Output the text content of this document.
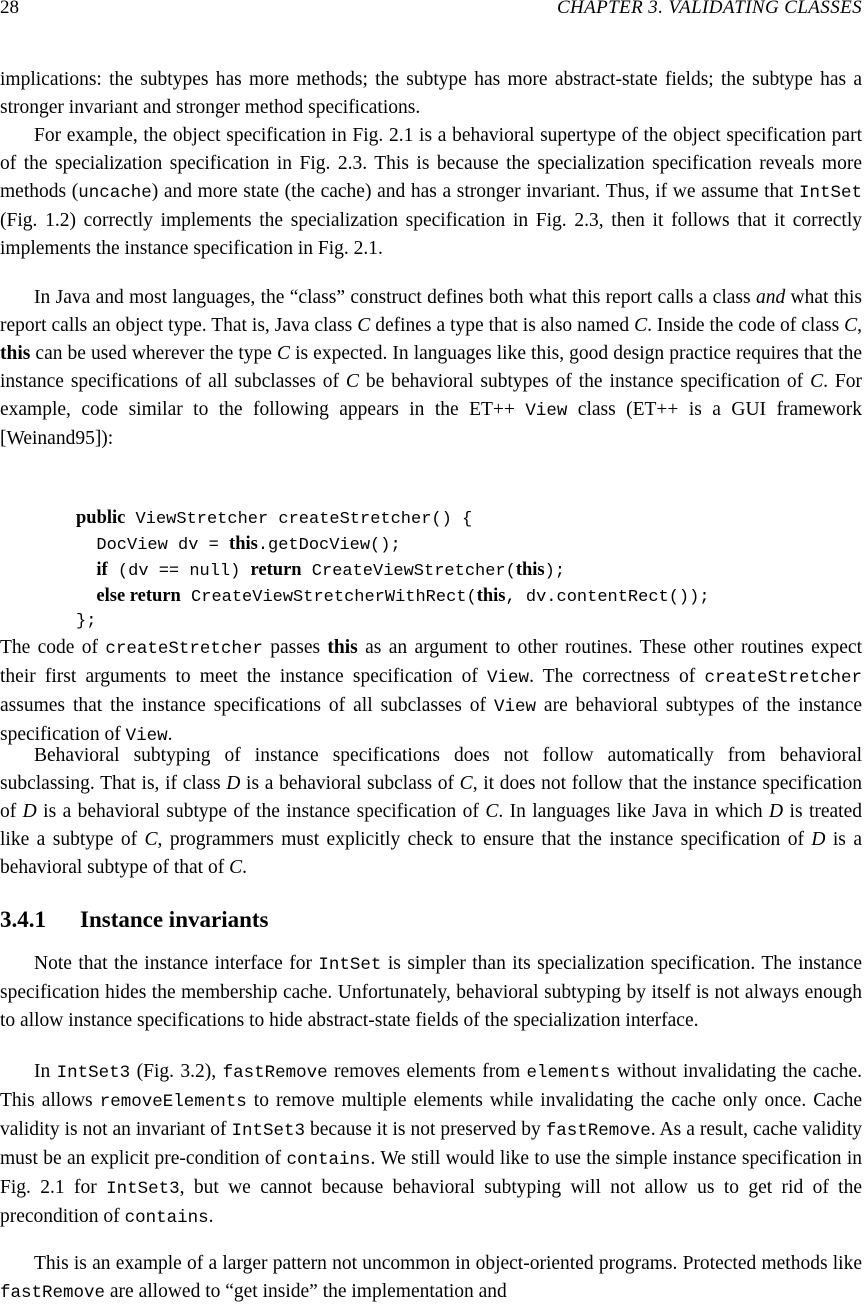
28	CHAPTER 3. VALIDATING CLASSES

implications: the subtypes has more methods; the subtype has more abstract-state fields; the subtype has a stronger invariant and stronger method specifications.

For example, the object specification in Fig. 2.1 is a behavioral supertype of the object specification part of the specialization specification in Fig. 2.3. This is because the specialization specification reveals more methods (uncache) and more state (the cache) and has a stronger invariant. Thus, if we assume that IntSet (Fig. 1.2) correctly implements the specialization specification in Fig. 2.3, then it follows that it correctly implements the instance specification in Fig. 2.1.

In Java and most languages, the “class” construct defines both what this report calls a class and what this report calls an object type. That is, Java class C defines a type that is also named C. Inside the code of class C, this can be used wherever the type C is expected. In languages like this, good design practice requires that the instance specifications of all subclasses of C be behavioral subtypes of the instance specification of C. For example, code similar to the following appears in the ET++ View class (ET++ is a GUI framework [Weinand95]):

public ViewStretcher createStretcher() {
DocView dv = this.getDocView();
if (dv == null) return CreateViewStretcher(this);
else return CreateViewStretcherWithRect(this, dv.contentRect());
};

The code of createStretcher passes this as an argument to other routines. These other routines expect their first arguments to meet the instance specification of View. The correctness of createStretcher assumes that the instance specifications of all subclasses of View are behavioral subtypes of the instance specification of View.

Behavioral subtyping of instance specifications does not follow automatically from behavioral subclassing. That is, if class D is a behavioral subclass of C, it does not follow that the instance specification of D is a behavioral subtype of the instance specification of C. In languages like Java in which D is treated like a subtype of C, programmers must explicitly check to ensure that the instance specification of D is a behavioral subtype of that of C.

3.4.1 Instance invariants

Note that the instance interface for IntSet is simpler than its specialization specification. The instance specification hides the membership cache. Unfortunately, behavioral subtyping by itself is not always enough to allow instance specifications to hide abstract-state fields of the specialization interface.

In IntSet3 (Fig. 3.2), fastRemove removes elements from elements without invalidating the cache. This allows removeElements to remove multiple elements while invalidating the cache only once. Cache validity is not an invariant of IntSet3 because it is not preserved by fastRemove. As a result, cache validity must be an explicit pre-condition of contains. We still would like to use the simple instance specification in Fig. 2.1 for IntSet3, but we cannot because behavioral subtyping will not allow us to get rid of the precondition of contains.

This is an example of a larger pattern not uncommon in object-oriented programs. Protected methods like fastRemove are allowed to “get inside” the implementation and
